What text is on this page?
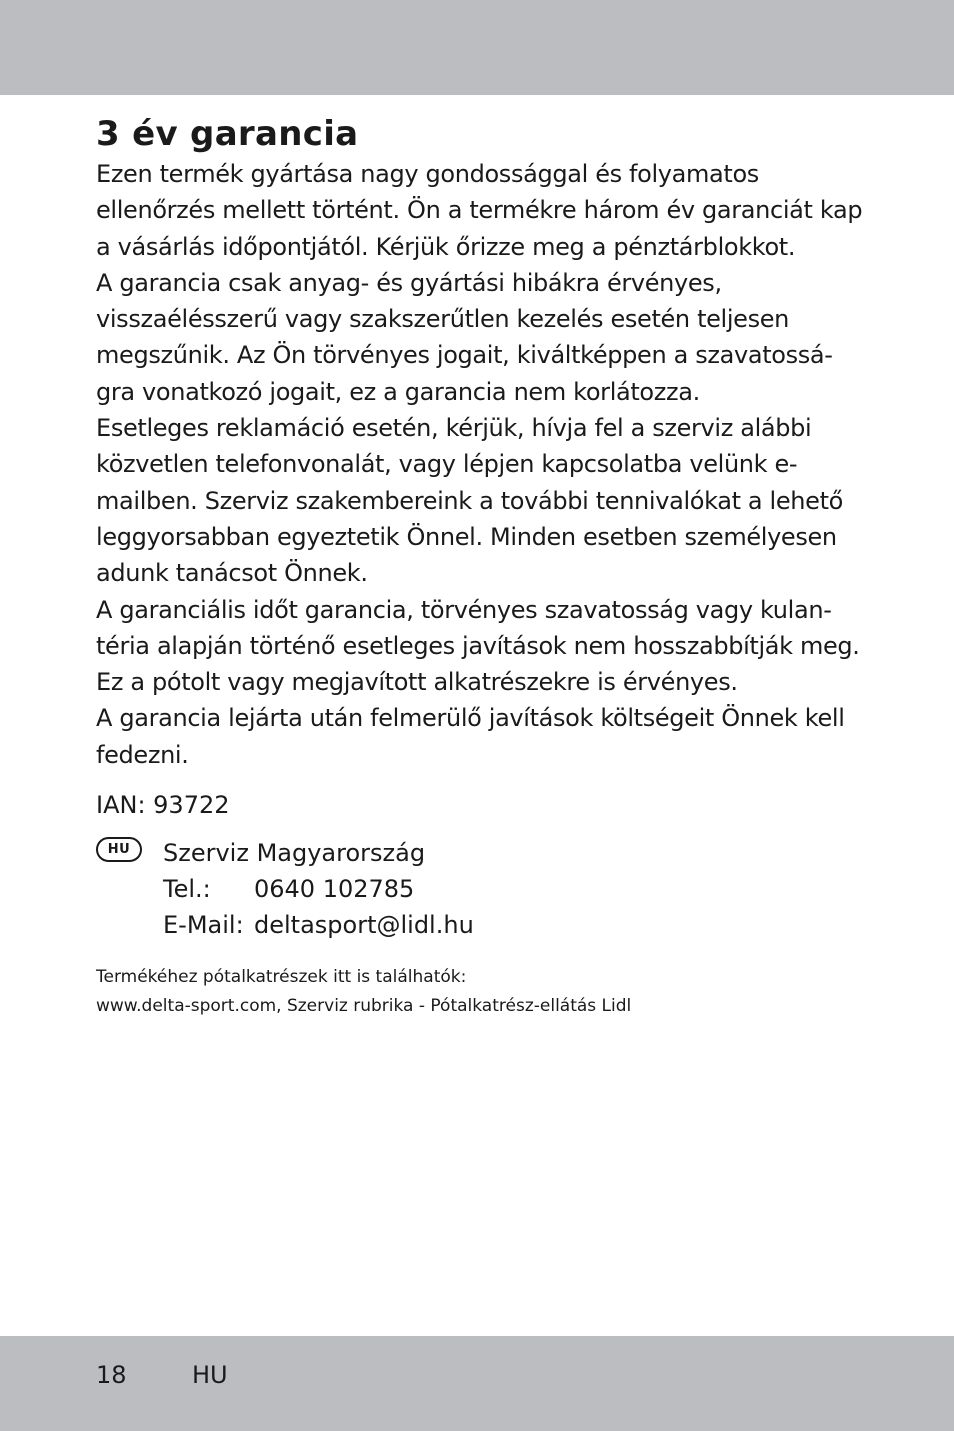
3 év garancia

Ezen termék gyártása nagy gondossággal és folyamatos
ellenőrzés mellett történt. Ön a termékre három év garanciát kap
a vásárlás időpontjától. Kérjük őrizze meg a pénztárblokkot.
A garancia csak anyag- és gyártási hibákra érvényes,
visszaélésszerű vagy szakszerűtlen kezelés esetén teljesen
megszűnik. Az Ön törvényes jogait, kiváltképpen a szavatossá-
gra vonatkozó jogait, ez a garancia nem korlátozza.
Esetleges reklamáció esetén, kérjük, hívja fel a szerviz alábbi
közvetlen telefonvonalát, vagy lépjen kapcsolatba velünk e-
mailben. Szerviz szakembereink a további tennivalókat a lehető
leggyorsabban egyeztetik Önnel. Minden esetben személyesen
adunk tanácsot Önnek.
A garanciális időt garancia, törvényes szavatosság vagy kulan-
téria alapján történő esetleges javítások nem hosszabbítják meg.
Ez a pótolt vagy megjavított alkatrészekre is érvényes.
A garancia lejárta után felmerülő javítások költségeit Önnek kell
fedezni.

IAN: 93722
HU	Szerviz Magyarország
Tel.: 0640 102785
E-Mail: deltasport@lidl.hu
Termékéhez pótalkatrészek itt is találhatók:
www.delta-sport.com, Szerviz rubrika - Pótalkatrész-ellátás Lidl
18	HU
